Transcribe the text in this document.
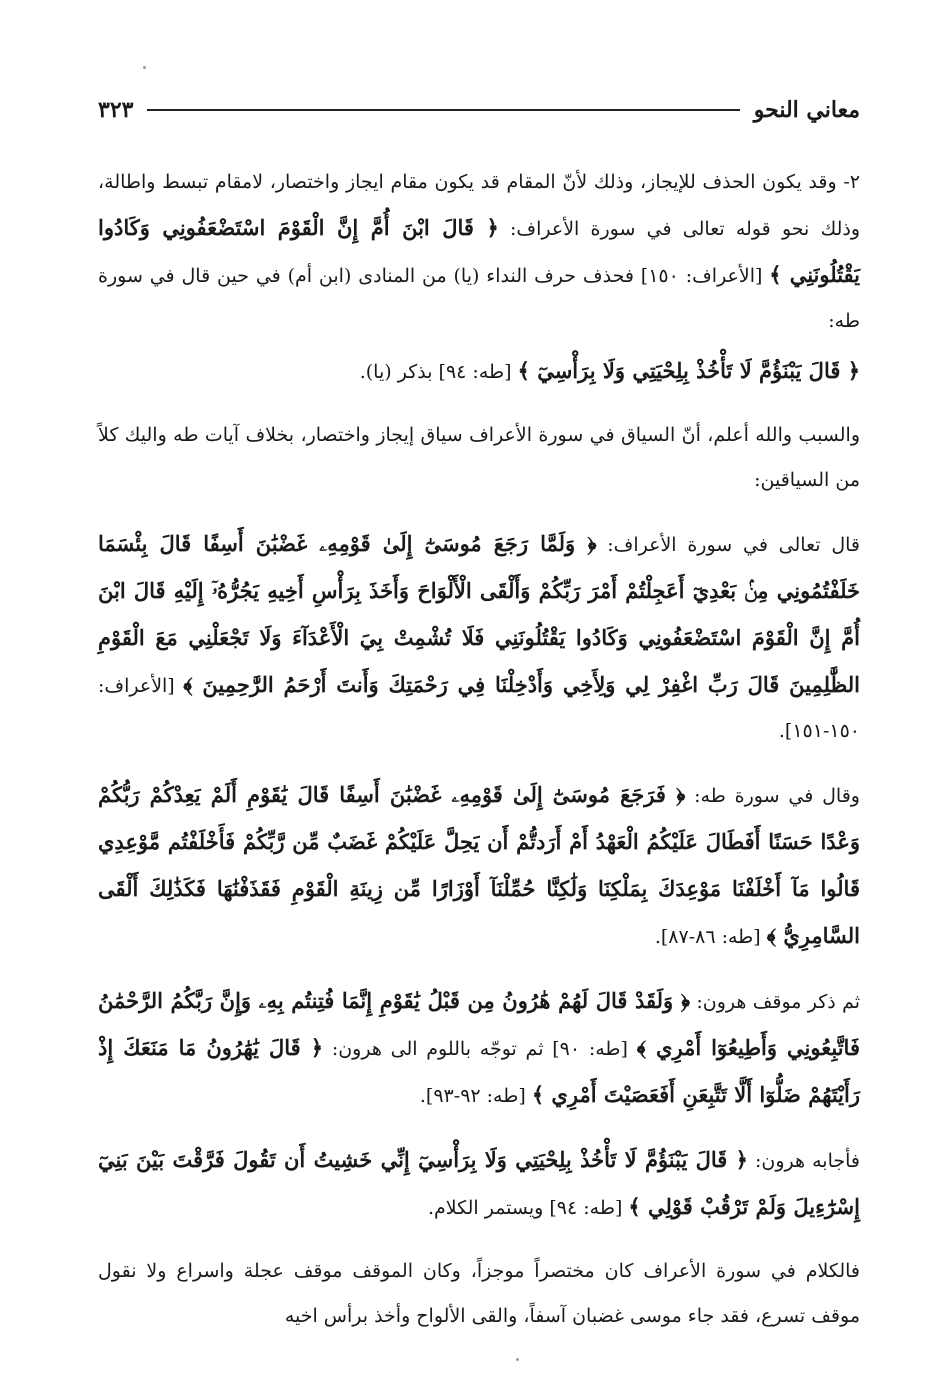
معاني النحو
٣٢٣

٢- وقد يكون الحذف للإيجاز، وذلك لأنّ المقام قد يكون مقام ايجاز واختصار، لامقام تبسط واطالة، وذلك نحو قوله تعالى في سورة الأعراف: ﴿ قَالَ ابْنَ أُمَّ إِنَّ الْقَوْمَ اسْتَضْعَفُونِي وَكَادُوا يَقْتُلُونَنِي ﴾ [الأعراف: ١٥٠] فحذف حرف النداء (يا) من المنادى (ابن أم) في حين قال في سورة طه:

﴿ قَالَ يَبْنَؤُمَّ لَا تَأْخُذْ بِلِحْيَتِي وَلَا بِرَأْسِيٓ ﴾ [طه: ٩٤] بذكر (يا).

والسبب والله أعلم، أنّ السياق في سورة الأعراف سياق إيجاز واختصار، بخلاف آيات طه واليك كلاً من السياقين:

قال تعالى في سورة الأعراف: ﴿ وَلَمَّا رَجَعَ مُوسَىٰٓ إِلَىٰ قَوْمِهِۦ غَضْبَٰنَ أَسِفًا قَالَ بِئْسَمَا خَلَفْتُمُونِي مِنۢ بَعْدِيٓ أَعَجِلْتُمْ أَمْرَ رَبِّكُمْ وَأَلْقَى الْأَلْوَاحَ وَأَخَذَ بِرَأْسِ أَخِيهِ يَجُرُّهُۥٓ إِلَيْهِ قَالَ ابْنَ أُمَّ إِنَّ الْقَوْمَ اسْتَضْعَفُونِي وَكَادُوا يَقْتُلُونَنِي فَلَا تُشْمِتْ بِيَ الْأَعْدَآءَ وَلَا تَجْعَلْنِي مَعَ الْقَوْمِ الظَّٰلِمِينَ قَالَ رَبِّ اغْفِرْ لِي وَلِأَخِي وَأَدْخِلْنَا فِي رَحْمَتِكَ وَأَنتَ أَرْحَمُ الرَّٰحِمِينَ ﴾ [الأعراف: ١٥٠-١٥١].

وقال في سورة طه: ﴿ فَرَجَعَ مُوسَىٰٓ إِلَىٰ قَوْمِهِۦ غَضْبَٰنَ أَسِفًا قَالَ يَٰقَوْمِ أَلَمْ يَعِدْكُمْ رَبُّكُمْ وَعْدًا حَسَنًا أَفَطَالَ عَلَيْكُمُ الْعَهْدُ أَمْ أَرَدتُّمْ أَن يَحِلَّ عَلَيْكُمْ غَضَبٌ مِّن رَّبِّكُمْ فَأَخْلَفْتُم مَّوْعِدِي قَالُوا مَآ أَخْلَفْنَا مَوْعِدَكَ بِمَلْكِنَا وَلَٰكِنَّا حُمِّلْنَآ أَوْزَارًا مِّن زِينَةِ الْقَوْمِ فَقَذَفْنَٰهَا فَكَذَٰلِكَ أَلْقَى السَّامِرِيُّ ﴾ [طه: ٨٦-٨٧].

ثم ذكر موقف هرون: ﴿ وَلَقَدْ قَالَ لَهُمْ هَٰرُونُ مِن قَبْلُ يَٰقَوْمِ إِنَّمَا فُتِنتُم بِهِۦ وَإِنَّ رَبَّكُمُ الرَّحْمَٰنُ فَاتَّبِعُونِي وَأَطِيعُوٓا أَمْرِي ﴾ [طه: ٩٠] ثم توجّه باللوم الى هرون: ﴿ قَالَ يَٰهَٰرُونُ مَا مَنَعَكَ إِذْ رَأَيْتَهُمْ ضَلُّوٓا أَلَّا تَتَّبِعَنِ أَفَعَصَيْتَ أَمْرِي ﴾ [طه: ٩٢-٩٣].

فأجابه هرون: ﴿ قَالَ يَبْنَؤُمَّ لَا تَأْخُذْ بِلِحْيَتِي وَلَا بِرَأْسِيٓ إِنِّي خَشِيتُ أَن تَقُولَ فَرَّقْتَ بَيْنَ بَنِيٓ إِسْرَٰٓءِيلَ وَلَمْ تَرْقُبْ قَوْلِي ﴾ [طه: ٩٤] ويستمر الكلام.

فالكلام في سورة الأعراف كان مختصراً موجزاً، وكان الموقف موقف عجلة واسراع ولا نقول موقف تسرع، فقد جاء موسى غضبان آسفاً، والقى الألواح وأخذ برأس اخيه
